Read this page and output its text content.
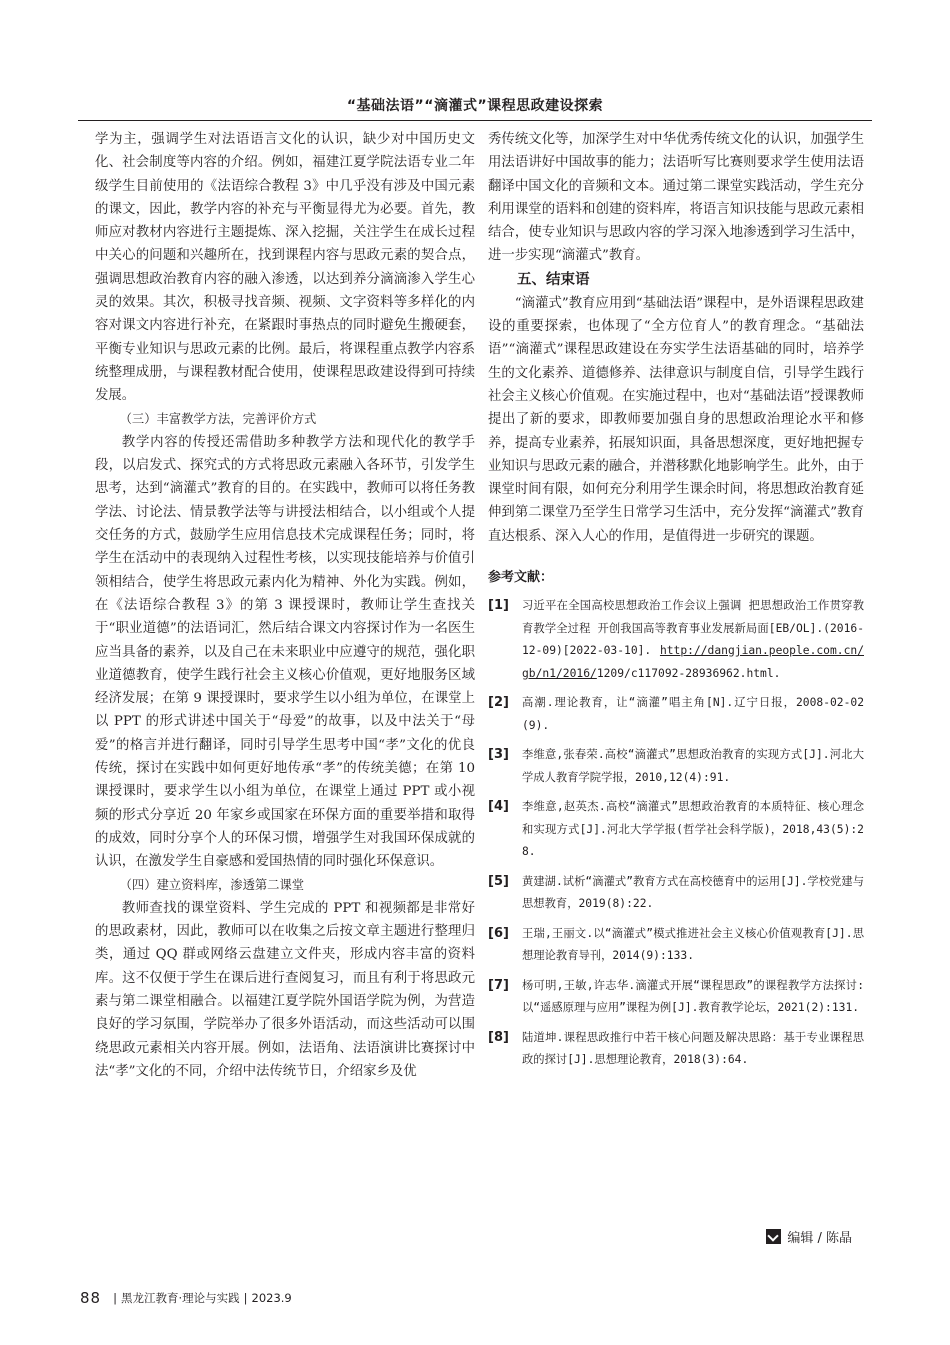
“基础法语”“滴灌式”课程思政建设探索

学为主，强调学生对法语语言文化的认识，缺少对中国历史文化、社会制度等内容的介绍。例如，福建江夏学院法语专业二年级学生目前使用的《法语综合教程 3》中几乎没有涉及中国元素的课文，因此，教学内容的补充与平衡显得尤为必要。首先，教师应对教材内容进行主题提炼、深入挖掘，关注学生在成长过程中关心的问题和兴趣所在，找到课程内容与思政元素的契合点，强调思想政治教育内容的融入渗透，以达到养分滴滴渗入学生心灵的效果。其次，积极寻找音频、视频、文字资料等多样化的内容对课文内容进行补充，在紧跟时事热点的同时避免生搬硬套，平衡专业知识与思政元素的比例。最后，将课程重点教学内容系统整理成册，与课程教材配合使用，使课程思政建设得到可持续发展。

（三）丰富教学方法，完善评价方式

教学内容的传授还需借助多种教学方法和现代化的教学手段，以启发式、探究式的方式将思政元素融入各环节，引发学生思考，达到“滴灌式”教育的目的。在实践中，教师可以将任务教学法、讨论法、情景教学法等与讲授法相结合，以小组或个人提交任务的方式，鼓励学生应用信息技术完成课程任务；同时，将学生在活动中的表现纳入过程性考核，以实现技能培养与价值引领相结合，使学生将思政元素内化为精神、外化为实践。例如，在《法语综合教程 3》的第 3 课授课时，教师让学生查找关于“职业道德”的法语词汇，然后结合课文内容探讨作为一名医生应当具备的素养，以及自己在未来职业中应遵守的规范，强化职业道德教育，使学生践行社会主义核心价值观，更好地服务区域经济发展；在第 9 课授课时，要求学生以小组为单位，在课堂上以 PPT 的形式讲述中国关于“母爱”的故事，以及中法关于“母爱”的格言并进行翻译，同时引导学生思考中国“孝”文化的优良传统，探讨在实践中如何更好地传承“孝”的传统美德；在第 10 课授课时，要求学生以小组为单位，在课堂上通过 PPT 或小视频的形式分享近 20 年家乡或国家在环保方面的重要举措和取得的成效，同时分享个人的环保习惯，增强学生对我国环保成就的认识，在激发学生自豪感和爱国热情的同时强化环保意识。

（四）建立资料库，渗透第二课堂

教师查找的课堂资料、学生完成的 PPT 和视频都是非常好的思政素材，因此，教师可以在收集之后按文章主题进行整理归类，通过 QQ 群或网络云盘建立文件夹，形成内容丰富的资料库。这不仅便于学生在课后进行查阅复习，而且有利于将思政元素与第二课堂相融合。以福建江夏学院外国语学院为例，为营造良好的学习氛围，学院举办了很多外语活动，而这些活动可以围绕思政元素相关内容开展。例如，法语角、法语演讲比赛探讨中法“孝”文化的不同，介绍中法传统节日，介绍家乡及优

秀传统文化等，加深学生对中华优秀传统文化的认识，加强学生用法语讲好中国故事的能力；法语听写比赛则要求学生使用法语翻译中国文化的音频和文本。通过第二课堂实践活动，学生充分利用课堂的语料和创建的资料库，将语言知识技能与思政元素相结合，使专业知识与思政内容的学习深入地渗透到学习生活中，进一步实现“滴灌式”教育。

五、结束语

“滴灌式”教育应用到“基础法语”课程中，是外语课程思政建设的重要探索，也体现了“全方位育人”的教育理念。“基础法语”“滴灌式”课程思政建设在夯实学生法语基础的同时，培养学生的文化素养、道德修养、法律意识与制度自信，引导学生践行社会主义核心价值观。在实施过程中，也对“基础法语”授课教师提出了新的要求，即教师要加强自身的思想政治理论水平和修养，提高专业素养，拓展知识面，具备思想深度，更好地把握专业知识与思政元素的融合，并潜移默化地影响学生。此外，由于课堂时间有限，如何充分利用学生课余时间，将思想政治教育延伸到第二课堂乃至学生日常学习生活中，充分发挥“滴灌式”教育直达根系、深入人心的作用，是值得进一步研究的课题。

参考文献：
[1] 习近平在全国高校思想政治工作会议上强调 把思想政治工作贯穿教育教学全过程 开创我国高等教育事业发展新局面[EB/OL].(2016-12-09)[2022-03-10]. http://dangjian.people.com.cn/gb/n1/2016/1209/c117092-28936962.html.
[2] 高潮.理论教育，让“滴灌”唱主角[N].辽宁日报，2008-02-02(9).
[3] 李维意,张春荣.高校“滴灌式”思想政治教育的实现方式[J].河北大学成人教育学院学报，2010,12(4):91.
[4] 李维意,赵英杰.高校“滴灌式”思想政治教育的本质特征、核心理念和实现方式[J].河北大学学报(哲学社会科学版)，2018,43(5):28.
[5] 黄建湖.试析“滴灌式”教育方式在高校德育中的运用[J].学校党建与思想教育，2019(8):22.
[6] 王瑞,王丽文.以“滴灌式”模式推进社会主义核心价值观教育[J].思想理论教育导刊，2014(9):133.
[7] 杨可明,王敏,许志华.滴灌式开展“课程思政”的课程教学方法探讨:以“遥感原理与应用”课程为例[J].教育教学论坛，2021(2):131.
[8] 陆道坤.课程思政推行中若干核心问题及解决思路：基于专业课程思政的探讨[J].思想理论教育，2018(3):64.
编辑 / 陈晶
88 | 黑龙江教育·理论与实践 | 2023.9
